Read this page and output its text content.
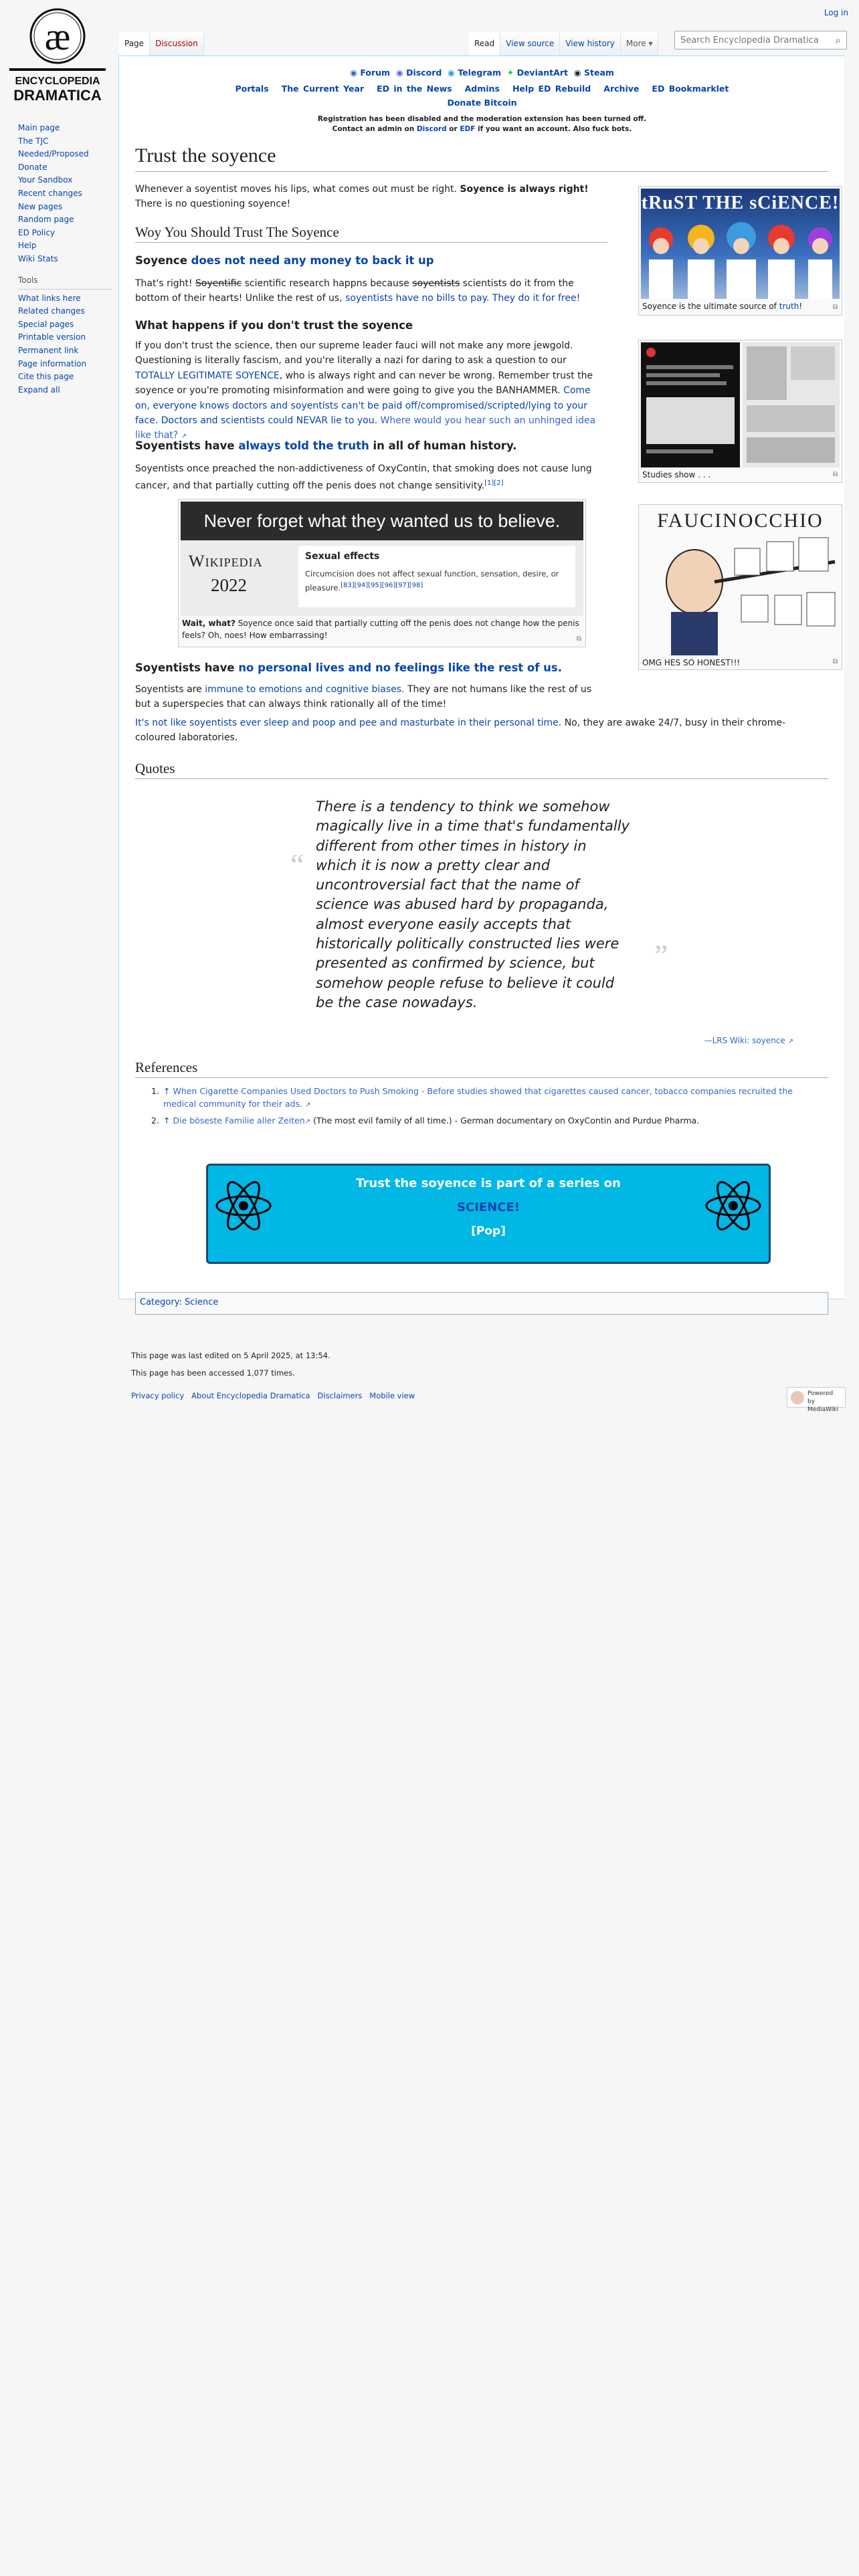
æ
ENCYCLOPEDIA
DRAMATICA
Main page
The TJC
Needed/Proposed
Donate
Your Sandbox
Recent changes
New pages
Random page
ED Policy
Help
Wiki Stats
Tools
What links here
Related changes
Special pages
Printable version
Permanent link
Page information
Cite this page
Expand all
Log in
Page	Discussion	Read	View source	View history	More ▾	Search Encyclopedia Dramatica ⌕
◉ Forum ◉ Discord ◉ Telegram ✦ DeviantArt ◉ Steam
Portals The Current Year ED in the News Admins Help ED Rebuild Archive ED Bookmarklet
Donate Bitcoin
Registration has been disabled and the moderation extension has been turned off.
Contact an admin on Discord or EDF if you want an account. Also fuck bots.
Trust the soyence
Whenever a soyentist moves his lips, what comes out must be right. Soyence is always right! There is no questioning soyence!
Woy You Should Trust The Soyence
Soyence does not need any money to back it up
That's right! Soyentific scientific research happns because soyentists scientists do it from the bottom of their hearts! Unlike the rest of us, soyentists have no bills to pay. They do it for free!
What happens if you don't trust the soyence
If you don't trust the science, then our supreme leader fauci will not make any more jewgold. Questioning is literally fascism, and you're literally a nazi for daring to ask a question to our TOTALLY LEGITIMATE SOYENCE, who is always right and can never be wrong. Remember trust the soyence or you're promoting misinformation and were going to give you the BANHAMMER. Come on, everyone knows doctors and soyentists can't be paid off/compromised/scripted/lying to your face. Doctors and scientists could NEVAR lie to you. Where would you hear such an unhinged idea like that? ↗
Soyentists have always told the truth in all of human history.
Soyentists once preached the non-addictiveness of OxyContin, that smoking does not cause lung cancer, and that partially cutting off the penis does not change sensitivity.[1][2]
Never forget what they wanted us to believe.
Wikipedia
2022
Sexual effects
Circumcision does not affect sexual function, sensation, desire, or pleasure.[83][94][95][96][97][98]
Wait, what? Soyence once said that partially cutting off the penis does not change how the penis feels? Oh, noes! How embarrassing!	⧉
Soyentists have no personal lives and no feelings like the rest of us.
Soyentists are immune to emotions and cognitive biases. They are not humans like the rest of us but a superspecies that can always think rationally all of the time!
It's not like soyentists ever sleep and poop and pee and masturbate in their personal time. No, they are awake 24/7, busy in their chrome-coloured laboratories.
tRuST THE sCiENCE!
Soyence is the ultimate source of truth!	⧉
Studies show . . .	⧉
FAUCINOCCHIO
OMG HES SO HONEST!!!	⧉
Quotes
“
There is a tendency to think we somehow magically live in a time that's fundamentally different from other times in history in which it is now a pretty clear and uncontroversial fact that the name of science was abused hard by propaganda, almost everyone easily accepts that historically politically constructed lies were presented as confirmed by science, but somehow people refuse to believe it could be the case nowadays.
”
—LRS Wiki: soyence ↗
References
1. ↑ When Cigarette Companies Used Doctors to Push Smoking - Before studies showed that cigarettes caused cancer, tobacco companies recruited the medical community for their ads. ↗
2. ↑ Die böseste Familie aller Zeiten↗ (The most evil family of all time.) - German documentary on OxyContin and Purdue Pharma.
Trust the soyence is part of a series on
SCIENCE!
[Pop]
Category: Science
This page was last edited on 5 April 2025, at 13:54.
This page has been accessed 1,077 times.
Privacy policy About Encyclopedia Dramatica Disclaimers Mobile view	Powered by MediaWiki
